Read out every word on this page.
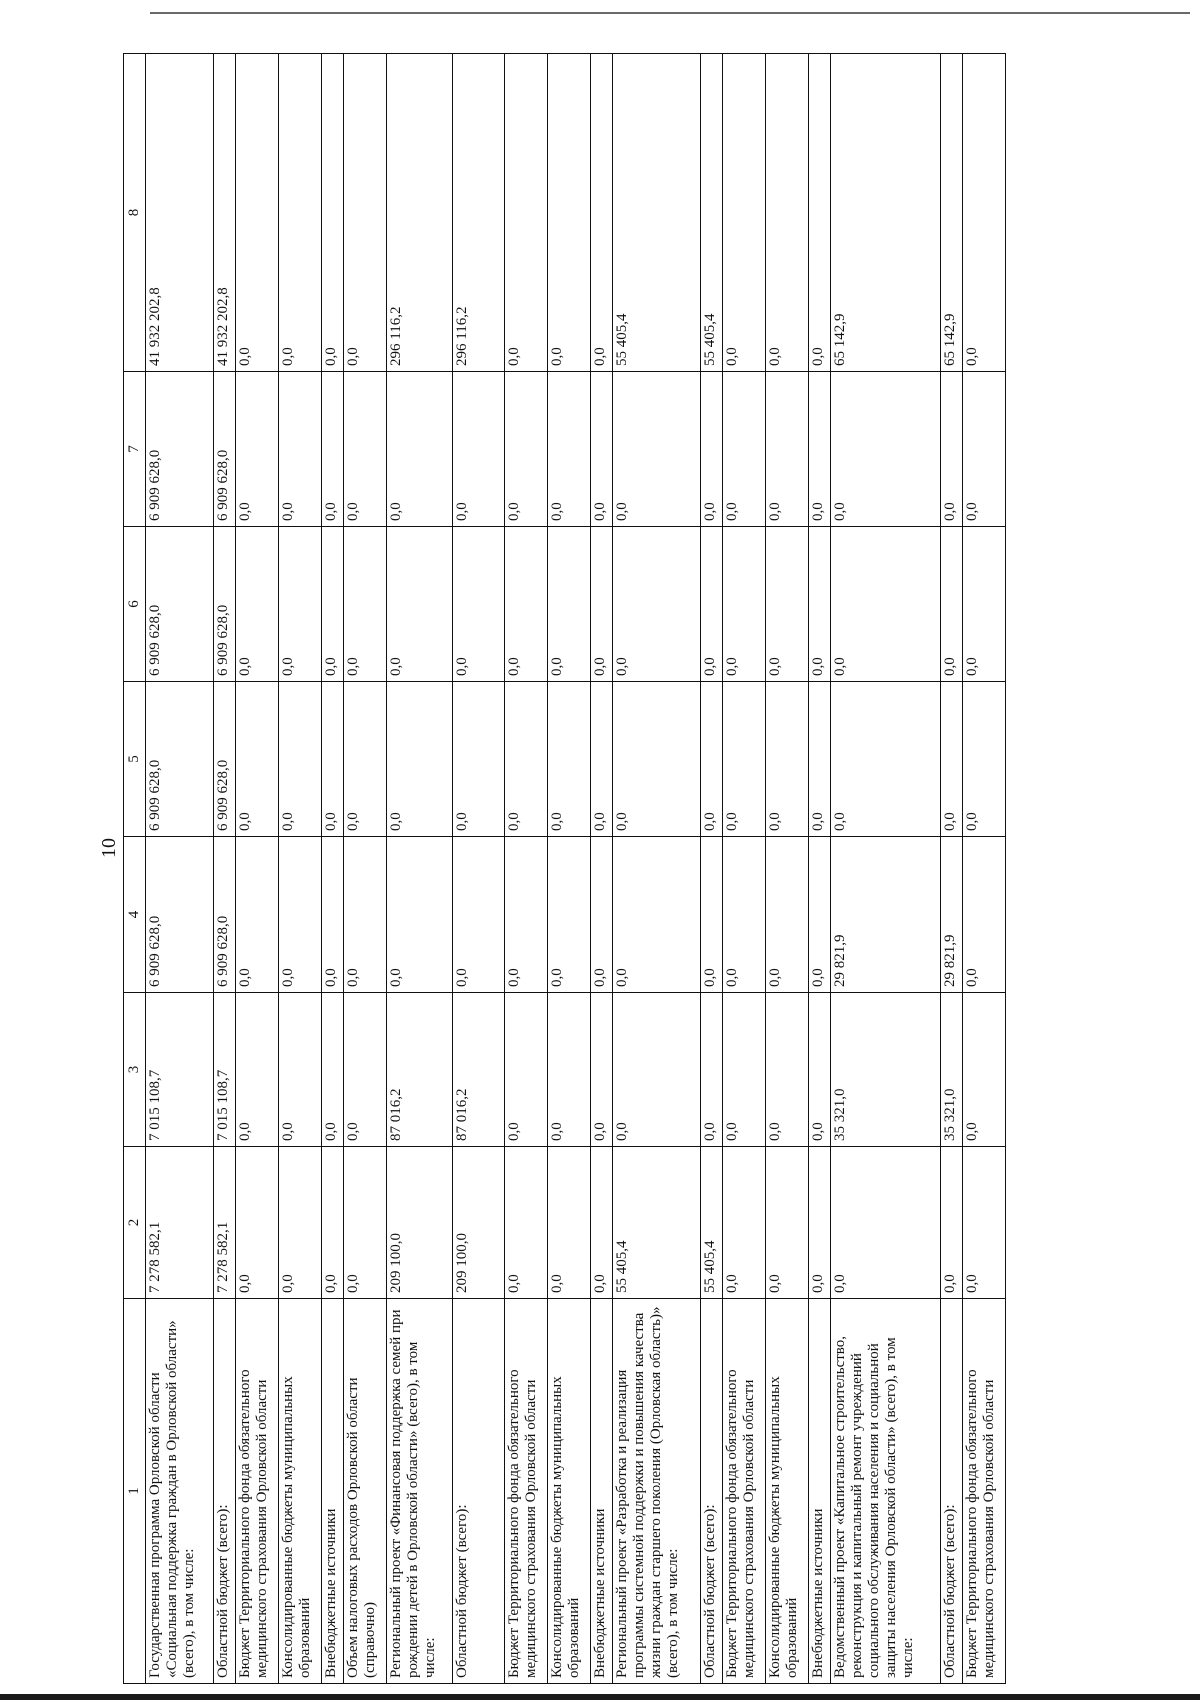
10
1	2	3	4	5	6	7	8
Государственная программа Орловской области «Социальная поддержка граждан в Орловской области» (всего), в том числе:	7 278 582,1	7 015 108,7	6 909 628,0	6 909 628,0	6 909 628,0	6 909 628,0	41 932 202,8
Областной бюджет (всего):	7 278 582,1	7 015 108,7	6 909 628,0	6 909 628,0	6 909 628,0	6 909 628,0	41 932 202,8
Бюджет Территориального фонда обязательного медицинского страхования Орловской области	0,0	0,0	0,0	0,0	0,0	0,0	0,0
Консолидированные бюджеты муниципальных образований	0,0	0,0	0,0	0,0	0,0	0,0	0,0
Внебюджетные источники	0,0	0,0	0,0	0,0	0,0	0,0	0,0
Объем налоговых расходов Орловской области (справочно)	0,0	0,0	0,0	0,0	0,0	0,0	0,0
Региональный проект «Финансовая поддержка семей при рождении детей в Орловской области» (всего), в том числе:	209 100,0	87 016,2	0,0	0,0	0,0	0,0	296 116,2
Областной бюджет (всего):	209 100,0	87 016,2	0,0	0,0	0,0	0,0	296 116,2
Бюджет Территориального фонда обязательного медицинского страхования Орловской области	0,0	0,0	0,0	0,0	0,0	0,0	0,0
Консолидированные бюджеты муниципальных образований	0,0	0,0	0,0	0,0	0,0	0,0	0,0
Внебюджетные источники	0,0	0,0	0,0	0,0	0,0	0,0	0,0
Региональный проект «Разработка и реализация программы системной поддержки и повышения качества жизни граждан старшего поколения (Орловская область)» (всего), в том числе:	55 405,4	0,0	0,0	0,0	0,0	0,0	55 405,4
Областной бюджет (всего):	55 405,4	0,0	0,0	0,0	0,0	0,0	55 405,4
Бюджет Территориального фонда обязательного медицинского страхования Орловской области	0,0	0,0	0,0	0,0	0,0	0,0	0,0
Консолидированные бюджеты муниципальных образований	0,0	0,0	0,0	0,0	0,0	0,0	0,0
Внебюджетные источники	0,0	0,0	0,0	0,0	0,0	0,0	0,0
Ведомственный проект «Капитальное строительство, реконструкция и капитальный ремонт учреждений социального обслуживания населения и социальной защиты населения Орловской области» (всего), в том числе:	0,0	35 321,0	29 821,9	0,0	0,0	0,0	65 142,9
Областной бюджет (всего):	0,0	35 321,0	29 821,9	0,0	0,0	0,0	65 142,9
Бюджет Территориального фонда обязательного медицинского страхования Орловской области	0,0	0,0	0,0	0,0	0,0	0,0	0,0
